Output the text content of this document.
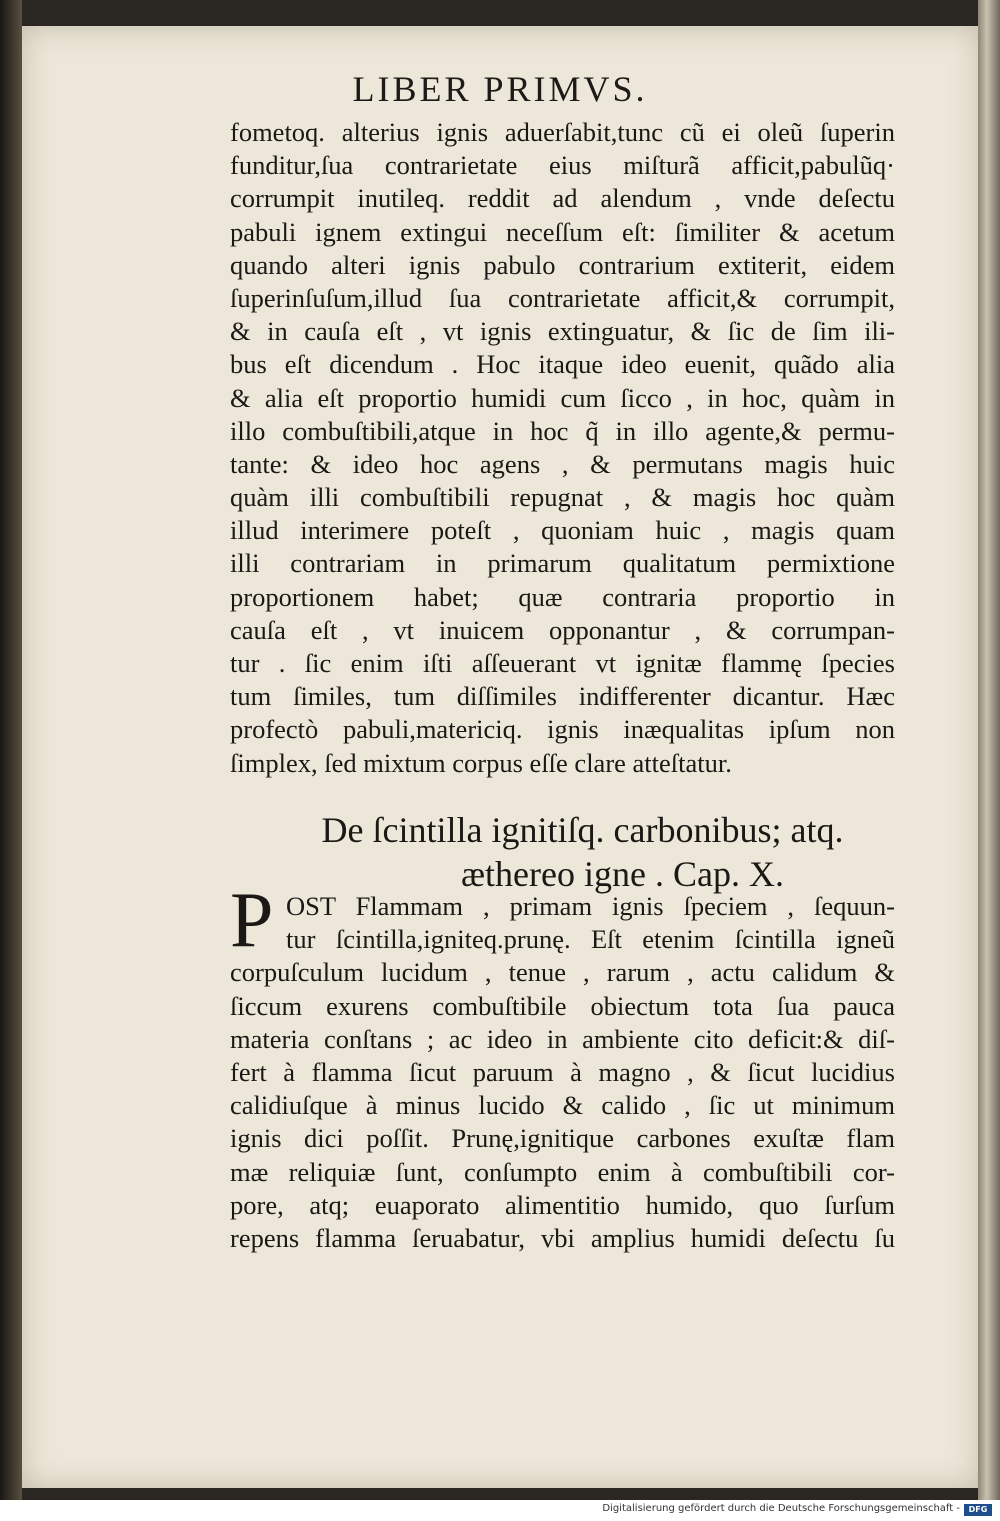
LIBER PRIMVS.
fometoq. alterius ignis aduerſabit,tunc cũ ei oleũ ſuperin
funditur,ſua contrarietate eius miſturã afficit,pabulũq·
corrumpit inutileq. reddit ad alendum , vnde deſectu
pabuli ignem extingui neceſſum eſt: ſimiliter & acetum
quando alteri ignis pabulo contrarium extiterit, eidem
ſuperinſuſum,illud ſua contrarietate afficit,& corrumpit,
& in cauſa eſt , vt ignis extinguatur, & ſic de ſim ili-
bus eſt dicendum . Hoc itaque ideo euenit, quãdo alia
& alia eſt proportio humidi cum ſicco , in hoc, quàm in
illo combuſtibili,atque in hoc q̃ in illo agente,& permu-
tante: & ideo hoc agens , & permutans magis huic
quàm illi combuſtibili repugnat , & magis hoc quàm
illud interimere poteſt , quoniam huic , magis quam
illi contrariam in primarum qualitatum permixtione
proportionem habet; quæ contraria proportio in
cauſa eſt , vt inuicem opponantur , & corrumpan-
tur . ſic enim iſti aſſeuerant vt ignitæ flammę ſpecies
tum ſimiles, tum diſſimiles indifferenter dicantur. Hæc
profectò pabuli,matericiq. ignis inæqualitas ipſum non
ſimplex, ſed mixtum corpus eſſe clare atteſtatur.
De ſcintilla ignitiſq. carbonibus; atq.
æthereo igne . Cap. X.
P OST Flammam , primam ignis ſpeciem , ſequun-
tur ſcintilla,igniteq.prunę. Eſt etenim ſcintilla igneũ
corpuſculum lucidum , tenue , rarum , actu calidum &
ſiccum exurens combuſtibile obiectum tota ſua pauca
materia conſtans ; ac ideo in ambiente cito deficit:& diſ-
fert à flamma ſicut paruum à magno , & ſicut lucidius
calidiuſque à minus lucido & calido , ſic ut minimum
ignis dici poſſit. Prunę,ignitique carbones exuſtæ flam
mæ reliquiæ ſunt, conſumpto enim à combuſtibili cor-
pore, atq; euaporato alimentitio humido, quo ſurſum
repens flamma ſeruabatur, vbi amplius humidi deſectu ſu
Digitalisierung gefördert durch die Deutsche Forschungsgemeinschaft -	DFG
